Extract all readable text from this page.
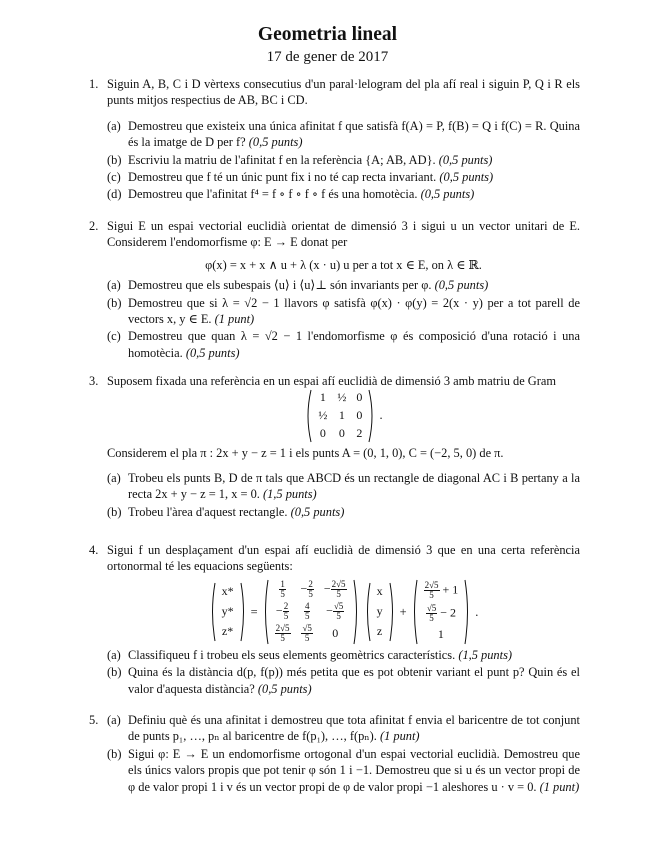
Geometria lineal
17 de gener de 2017
1. Siguin A, B, C i D vèrtexs consecutius d'un paral·lelogram del pla afí real i siguin P, Q i R els punts mitjos respectius de AB, BC i CD.
(a) Demostreu que existeix una única afinitat f que satisfà f(A) = P, f(B) = Q i f(C) = R. Quina és la imatge de D per f? (0,5 punts)
(b) Escriviu la matriu de l'afinitat f en la referència {A; AB, AD}. (0,5 punts)
(c) Demostreu que f té un únic punt fix i no té cap recta invariant. (0,5 punts)
(d) Demostreu que l'afinitat f⁴ = f ∘ f ∘ f ∘ f és una homotècia. (0,5 punts)
2. Sigui E un espai vectorial euclidià orientat de dimensió 3 i sigui u un vector unitari de E. Considerem l'endomorfisme φ: E → E donat per
φ(x) = x + x ∧ u + λ (x · u) u per a tot x ∈ E, on λ ∈ ℝ.
(a) Demostreu que els subespais ⟨u⟩ i ⟨u⟩⊥ són invariants per φ. (0,5 punts)
(b) Demostreu que si λ = √2 − 1 llavors φ satisfà φ(x) · φ(y) = 2(x · y) per a tot parell de vectors x, y ∈ E. (1 punt)
(c) Demostreu que quan λ = √2 − 1 l'endomorfisme φ és composició d'una rotació i una homotècia. (0,5 punts)
3. Suposem fixada una referència en un espai afí euclidià de dimensió 3 amb matriu de Gram
1	½	0
½	1	0
0	0	2
.
Considerem el pla π : 2x + y − z = 1 i els punts A = (0, 1, 0), C = (−2, 5, 0) de π.
(a) Trobeu els punts B, D de π tals que ABCD és un rectangle de diagonal AC i B pertany a la recta 2x + y − z = 1, x = 0. (1,5 punts)
(b) Trobeu l'àrea d'aquest rectangle. (0,5 punts)
4. Sigui f un desplaçament d'un espai afí euclidià de dimensió 3 que en una certa referència ortonormal té les equacions següents:
x*
y*
z*
=
$\frac{1}{5}$	− $\frac{2}{5}$	− $\frac{2√5}{5}$

− $\frac{2}{5}$	$\frac{4}{5}$	− $\frac{√5}{5}$

$\frac{2√5}{5}$	$\frac{√5}{5}$	0
x
y
z
+
$\frac{2√5}{5} + 1$

$\frac{√5}{5} - 2$
1
.
(a) Classifiqueu f i trobeu els seus elements geomètrics característics. (1,5 punts)
(b) Quina és la distància d(p, f(p)) més petita que es pot obtenir variant el punt p? Quin és el valor d'aquesta distància? (0,5 punts)
5. (a) Definiu què és una afinitat i demostreu que tota afinitat f envia el baricentre de tot conjunt de punts p₁, …, pₙ al baricentre de f(p₁), …, f(pₙ). (1 punt)
(b) Sigui φ: E → E un endomorfisme ortogonal d'un espai vectorial euclidià. Demostreu que els únics valors propis que pot tenir φ són 1 i −1. Demostreu que si u és un vector propi de φ de valor propi 1 i v és un vector propi de φ de valor propi −1 aleshores u · v = 0. (1 punt)
